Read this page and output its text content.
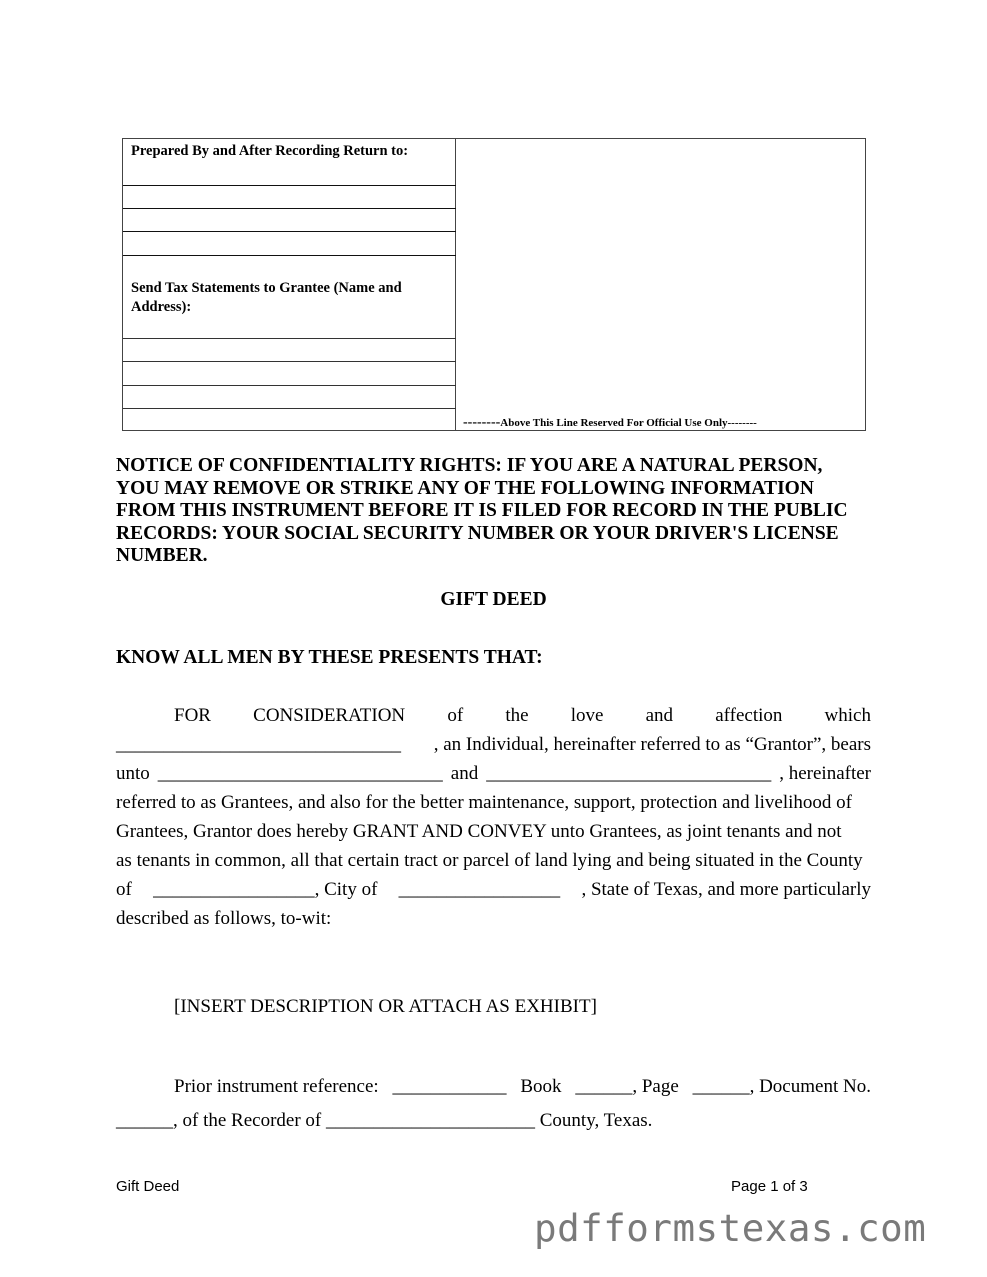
Prepared By and After Recording Return to:
Send Tax Statements to Grantee (Name and
Address):
--------Above This Line Reserved For Official Use Only--------
NOTICE OF CONFIDENTIALITY RIGHTS: IF YOU ARE A NATURAL PERSON,
YOU MAY REMOVE OR STRIKE ANY OF THE FOLLOWING INFORMATION
FROM THIS INSTRUMENT BEFORE IT IS FILED FOR RECORD IN THE PUBLIC
RECORDS: YOUR SOCIAL SECURITY NUMBER OR YOUR DRIVER'S LICENSE
NUMBER.
GIFT DEED
KNOW ALL MEN BY THESE PRESENTS THAT:
FOR CONSIDERATION of the love and affection which
______________________________ , an Individual, hereinafter referred to as “Grantor”, bears
unto ______________________________ and ______________________________ , hereinafter
referred to as Grantees, and also for the better maintenance, support, protection and livelihood of
Grantees, Grantor does hereby GRANT AND CONVEY unto Grantees, as joint tenants and not
as tenants in common, all that certain tract or parcel of land lying and being situated in the County
of _________________ , City of _________________ , State of Texas, and more particularly
described as follows, to-wit:
[INSERT DESCRIPTION OR ATTACH AS EXHIBIT]
Prior instrument reference: ____________ Book ______ , Page ______ , Document No.
______, of the Recorder of ______________________ County, Texas.
Gift Deed	Page 1 of 3
pdfformstexas.com
